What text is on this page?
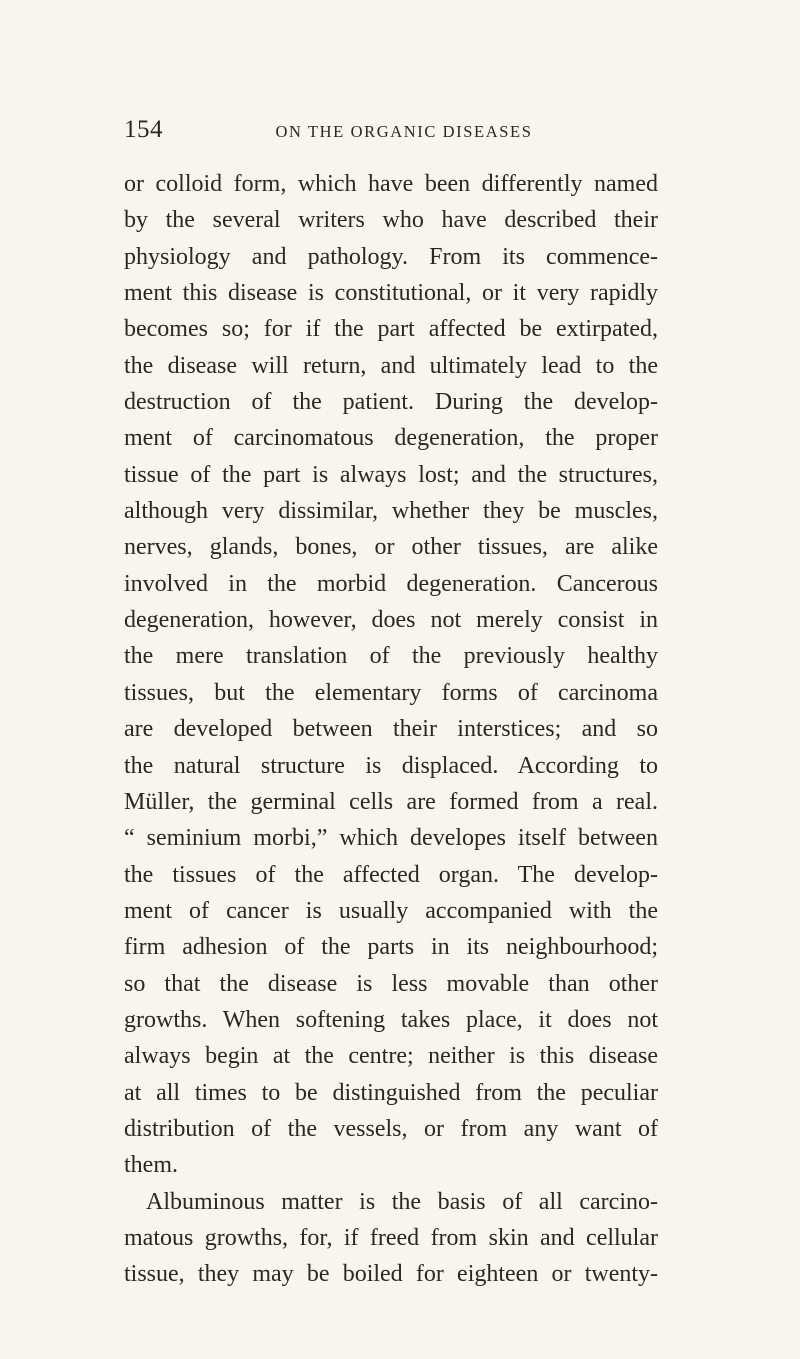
154	ON THE ORGANIC DISEASES
or colloid form, which have been differently named
by the several writers who have described their
physiology and pathology. From its commence-
ment this disease is constitutional, or it very rapidly
becomes so; for if the part affected be extirpated,
the disease will return, and ultimately lead to the
destruction of the patient. During the develop-
ment of carcinomatous degeneration, the proper
tissue of the part is always lost; and the structures,
although very dissimilar, whether they be muscles,
nerves, glands, bones, or other tissues, are alike
involved in the morbid degeneration. Cancerous
degeneration, however, does not merely consist in
the mere translation of the previously healthy
tissues, but the elementary forms of carcinoma
are developed between their interstices; and so
the natural structure is displaced. According to
Müller, the germinal cells are formed from a real.
“ seminium morbi,” which developes itself between
the tissues of the affected organ. The develop-
ment of cancer is usually accompanied with the
firm adhesion of the parts in its neighbourhood;
so that the disease is less movable than other
growths. When softening takes place, it does not
always begin at the centre; neither is this disease
at all times to be distinguished from the peculiar
distribution of the vessels, or from any want of
them.
Albuminous matter is the basis of all carcino-
matous growths, for, if freed from skin and cellular
tissue, they may be boiled for eighteen or twenty-
